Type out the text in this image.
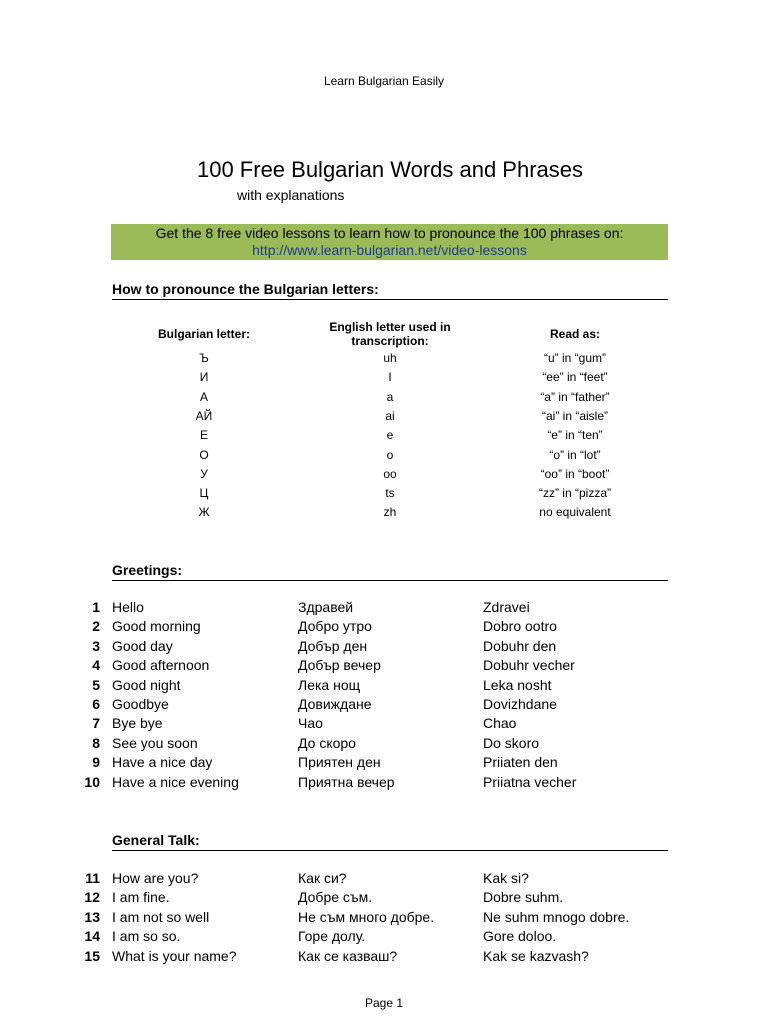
Learn Bulgarian Easily
100 Free Bulgarian Words and Phrases
with explanations
Get the 8 free video lessons to learn how to pronounce the 100 phrases on:
http://www.learn-bulgarian.net/video-lessons
How to pronounce the Bulgarian letters:
Bulgarian letter:	English letter used in transcription:	Read as:
Ъ	uh	“u” in “gum”
И	I	“ee” in “feet”
А	a	“a” in “father”
АЙ	ai	“ai” in “aisle”
Е	e	“e” in “ten”
О	o	“o” in “lot”
У	oo	“oo” in “boot”
Ц	ts	“zz” in “pizza”
Ж	zh	no equivalent
Greetings:
1 Hello	Здравей	Zdravei
2 Good morning	Добро утро	Dobro ootro
3 Good day	Добър ден	Dobuhr den
4 Good afternoon	Добър вечер	Dobuhr vecher
5 Good night	Лека нощ	Leka nosht
6 Goodbye	Довиждане	Dovizhdane
7 Bye bye	Чао	Chao
8 See you soon	До скоро	Do skoro
9 Have a nice day	Приятен ден	Priiaten den
10 Have a nice evening	Приятна вечер	Priiatna vecher
General Talk:
11 How are you?	Как си?	Kak si?
12 I am fine.	Добре съм.	Dobre suhm.
13 I am not so well	Не съм много добре.	Ne suhm mnogo dobre.
14 I am so so.	Горе долу.	Gore doloo.
15 What is your name?	Как се казваш?	Kak se kazvash?
Page 1
